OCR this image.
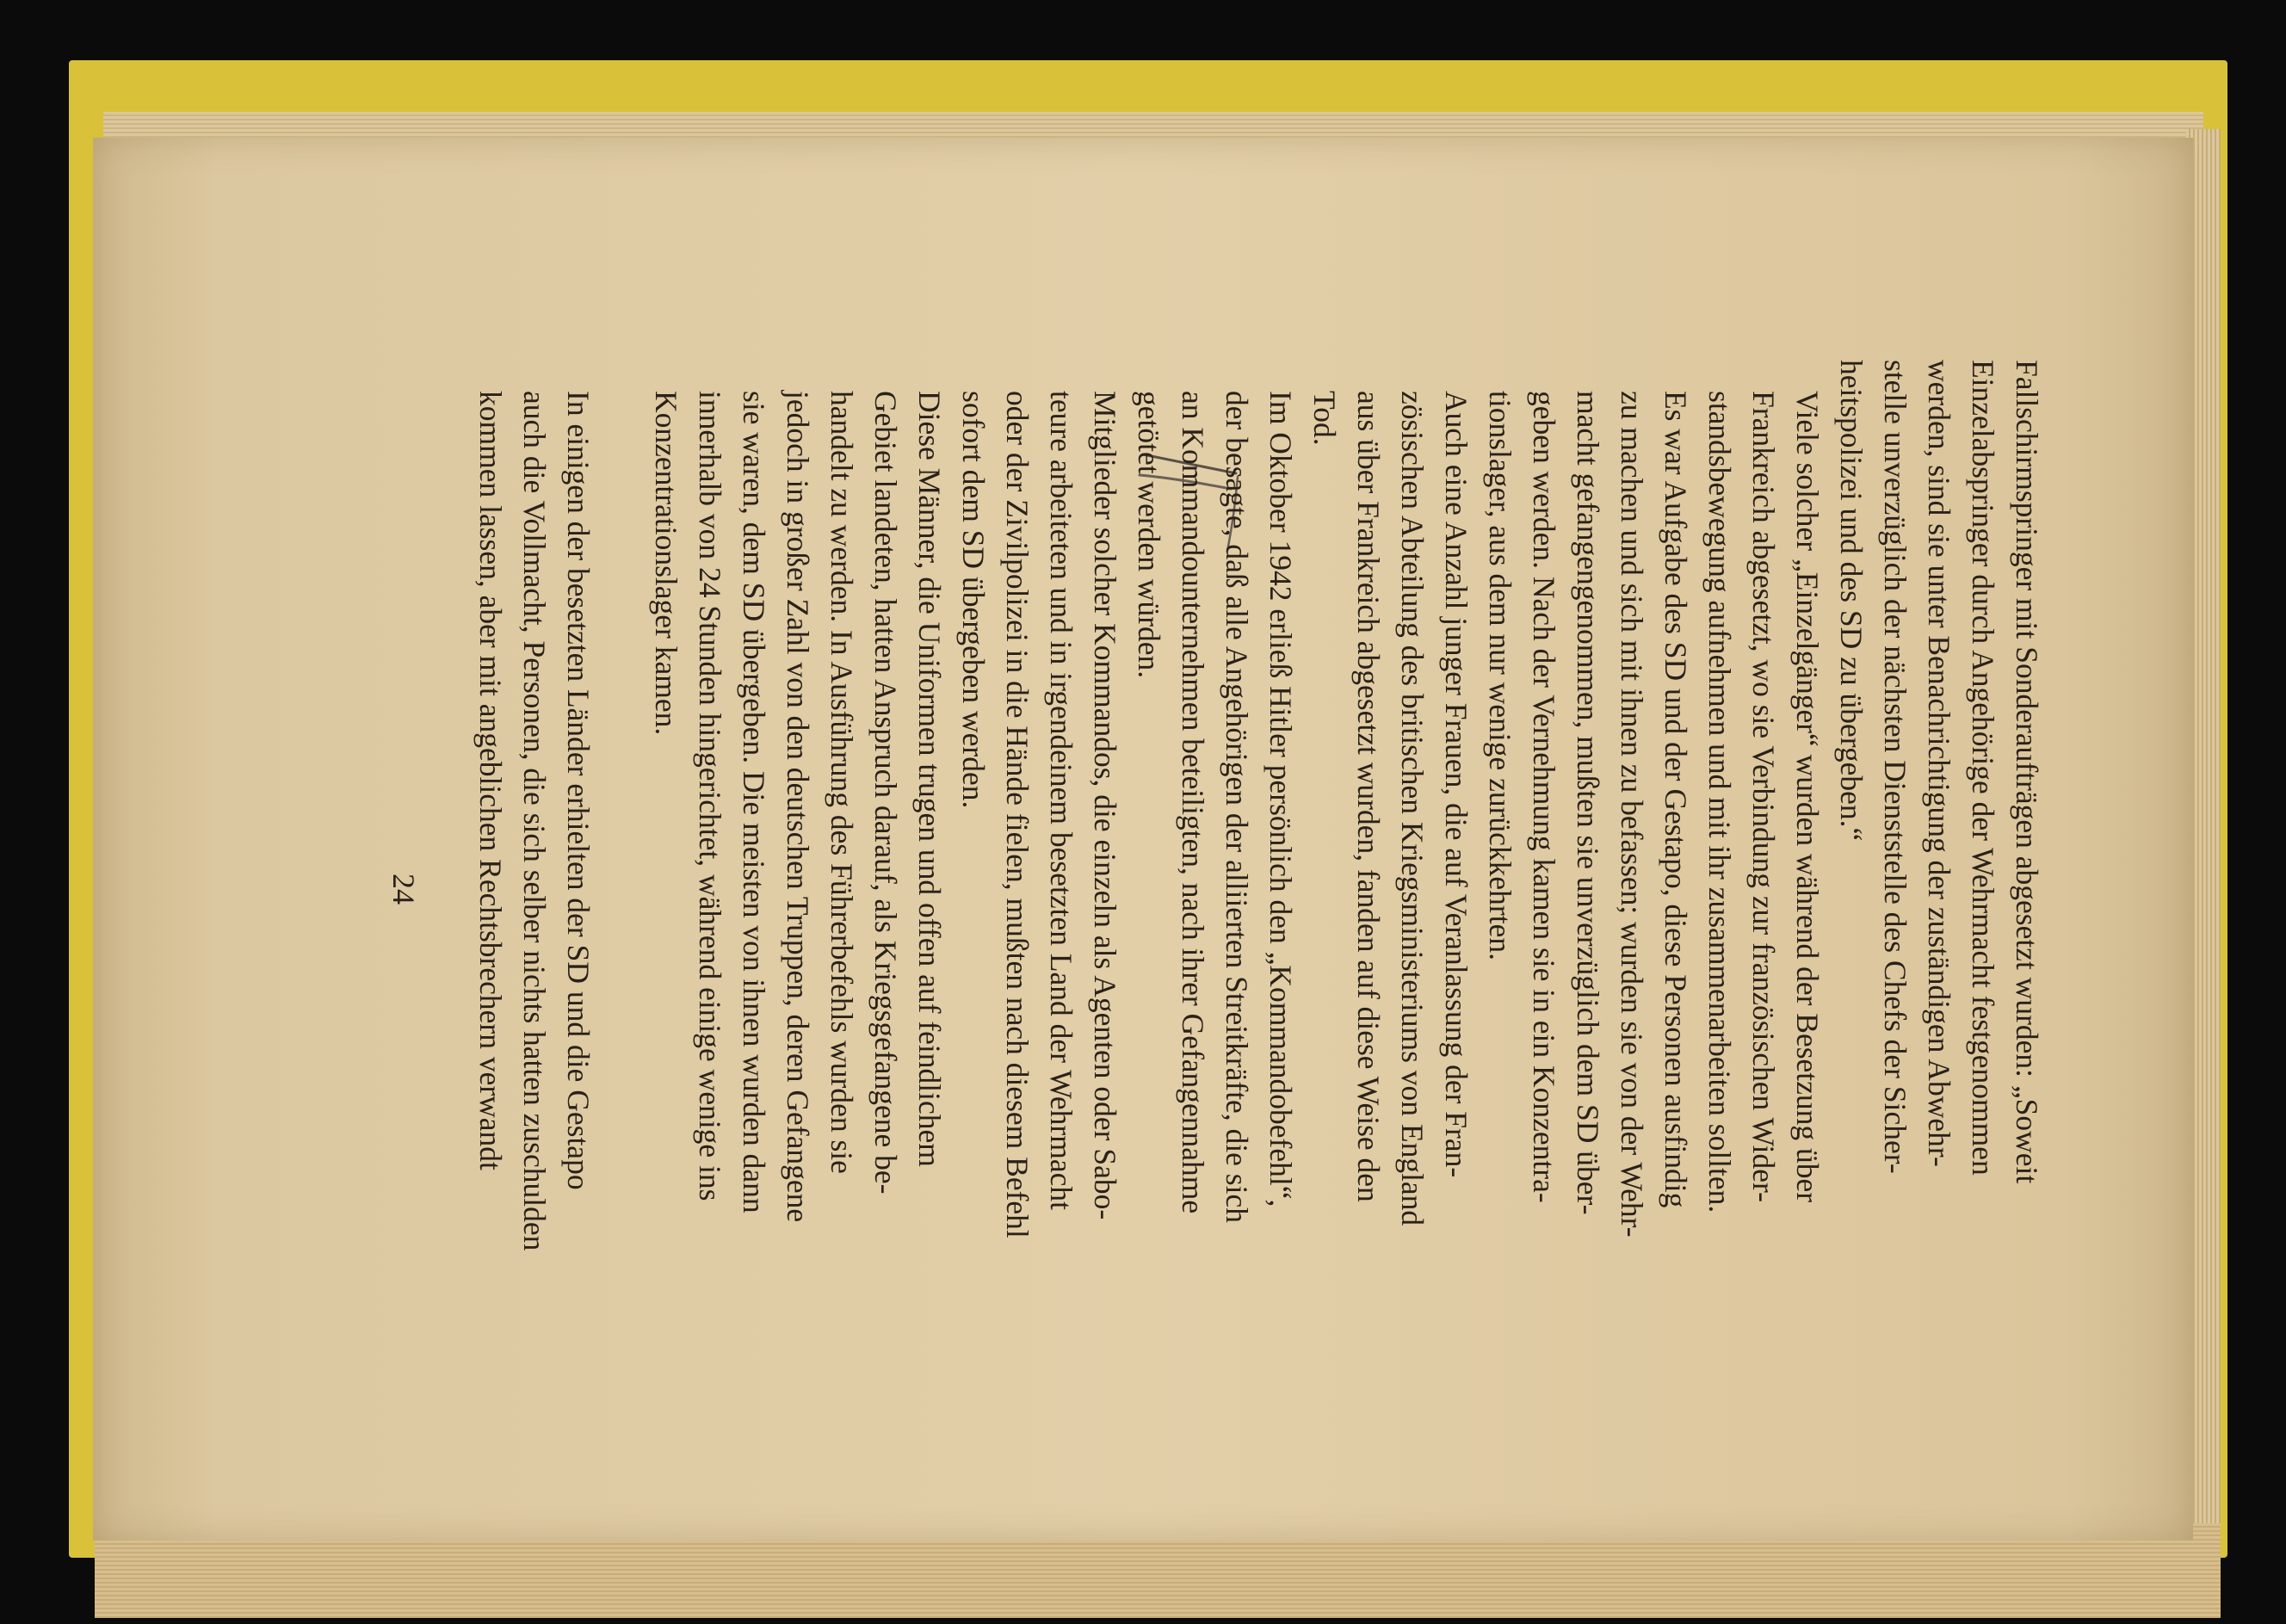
Fallschirmspringer mit Sonderaufträgen abgesetzt wurden: „Soweit
Einzelabspringer durch Angehörige der Wehrmacht festgenommen
werden, sind sie unter Benachrichtigung der zuständigen Abwehr-
stelle unverzüglich der nächsten Dienststelle des Chefs der Sicher-
heitspolizei und des SD zu übergeben.“

Viele solcher „Einzelgänger“ wurden während der Besetzung über
Frankreich abgesetzt, wo sie Verbindung zur französischen Wider-
standsbewegung aufnehmen und mit ihr zusammenarbeiten sollten.
Es war Aufgabe des SD und der Gestapo, diese Personen ausfindig
zu machen und sich mit ihnen zu befassen; wurden sie von der Wehr-
macht gefangengenommen, mußten sie unverzüglich dem SD über-
geben werden. Nach der Vernehmung kamen sie in ein Konzentra-
tionslager, aus dem nur wenige zurückkehrten.

Auch eine Anzahl junger Frauen, die auf Veranlassung der Fran-
zösischen Abteilung des britischen Kriegsministeriums von England
aus über Frankreich abgesetzt wurden, fanden auf diese Weise den
Tod.

Im Oktober 1942 erließ Hitler persönlich den „Kommandobefehl“,
der besagte, daß alle Angehörigen der alliierten Streitkräfte, die sich
an Kommandounternehmen beteiligten, nach ihrer Gefangennahme
getötet werden würden.

Mitglieder solcher Kommandos, die einzeln als Agenten oder Sabo-
teure arbeiteten und in irgendeinem besetzten Land der Wehrmacht
oder der Zivilpolizei in die Hände fielen, mußten nach diesem Befehl
sofort dem SD übergeben werden.

Diese Männer, die Uniformen trugen und offen auf feindlichem
Gebiet landeten, hatten Anspruch darauf, als Kriegsgefangene be-
handelt zu werden. In Ausführung des Führerbefehls wurden sie
jedoch in großer Zahl von den deutschen Truppen, deren Gefangene
sie waren, dem SD übergeben. Die meisten von ihnen wurden dann
innerhalb von 24 Stunden hingerichtet, während einige wenige ins
Konzentrationslager kamen.

In einigen der besetzten Länder erhielten der SD und die Gestapo
auch die Vollmacht, Personen, die sich selber nichts hatten zuschulden
kommen lassen, aber mit angeblichen Rechtsbrechern verwandt

24
